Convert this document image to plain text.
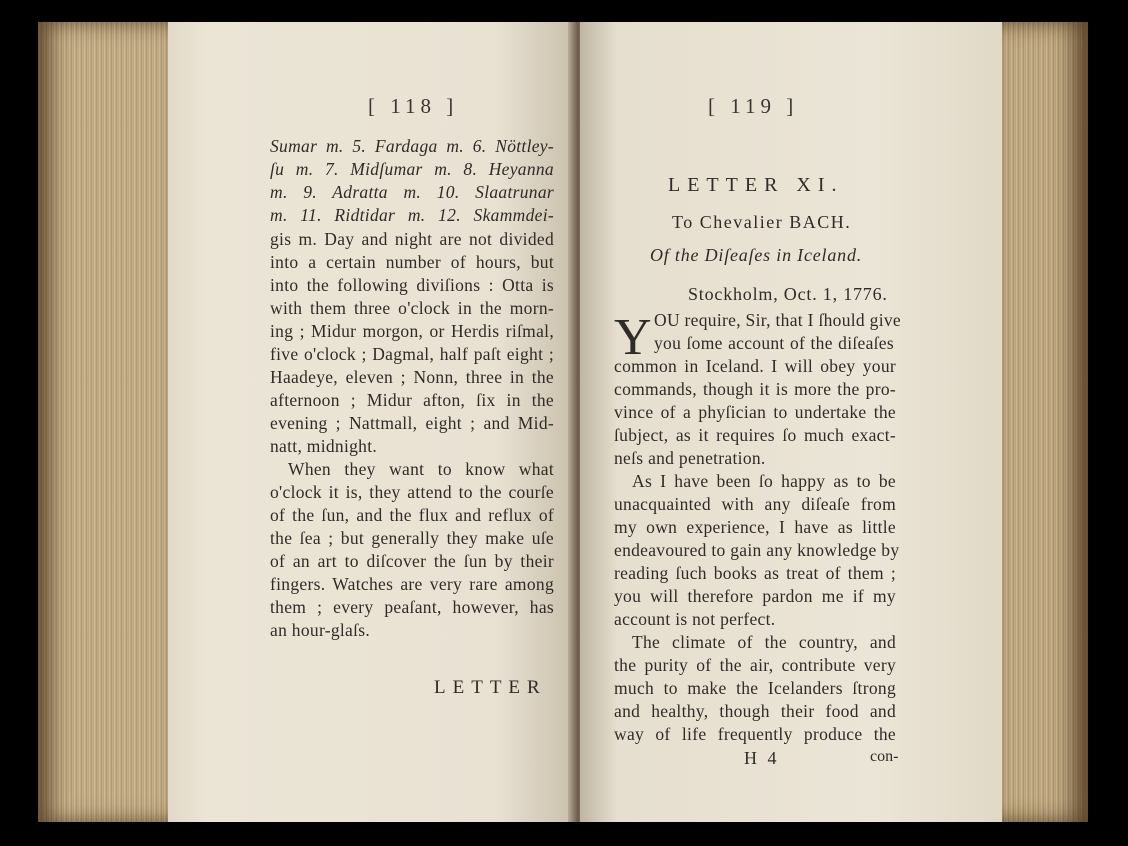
[ 118 ]
Sumar m. 5. Fardaga m. 6. Nöttley-
ſu m. 7. Midſumar m. 8. Heyanna
m. 9. Adratta m. 10. Slaatrunar
m. 11. Ridtidar m. 12. Skammdei-
gis m. Day and night are not divided
into a certain number of hours, but
into the following diviſions : Otta is
with them three o'clock in the morn-
ing ; Midur morgon, or Herdis riſmal,
five o'clock ; Dagmal, half paſt eight ;
Haadeye, eleven ; Nonn, three in the
afternoon ; Midur afton, ſix in the
evening ; Nattmall, eight ; and Mid-
natt, midnight.
When they want to know what
o'clock it is, they attend to the courſe
of the ſun, and the flux and reflux of
the ſea ; but generally they make uſe
of an art to diſcover the ſun by their
fingers. Watches are very rare among
them ; every peaſant, however, has
an hour-glaſs.
LETTER
[ 119 ]
LETTER XI.
To Chevalier BACH.
Of the Diſeaſes in Iceland.
Stockholm, Oct. 1, 1776.
Y OU require, Sir, that I ſhould give
you ſome account of the diſeaſes
common in Iceland. I will obey your
commands, though it is more the pro-
vince of a phyſician to undertake the
ſubject, as it requires ſo much exact-
neſs and penetration.
As I have been ſo happy as to be
unacquainted with any diſeaſe from
my own experience, I have as little
endeavoured to gain any knowledge by
reading ſuch books as treat of them ;
you will therefore pardon me if my
account is not perfect.
The climate of the country, and
the purity of the air, contribute very
much to make the Icelanders ſtrong
and healthy, though their food and
way of life frequently produce the
H 4	con-
